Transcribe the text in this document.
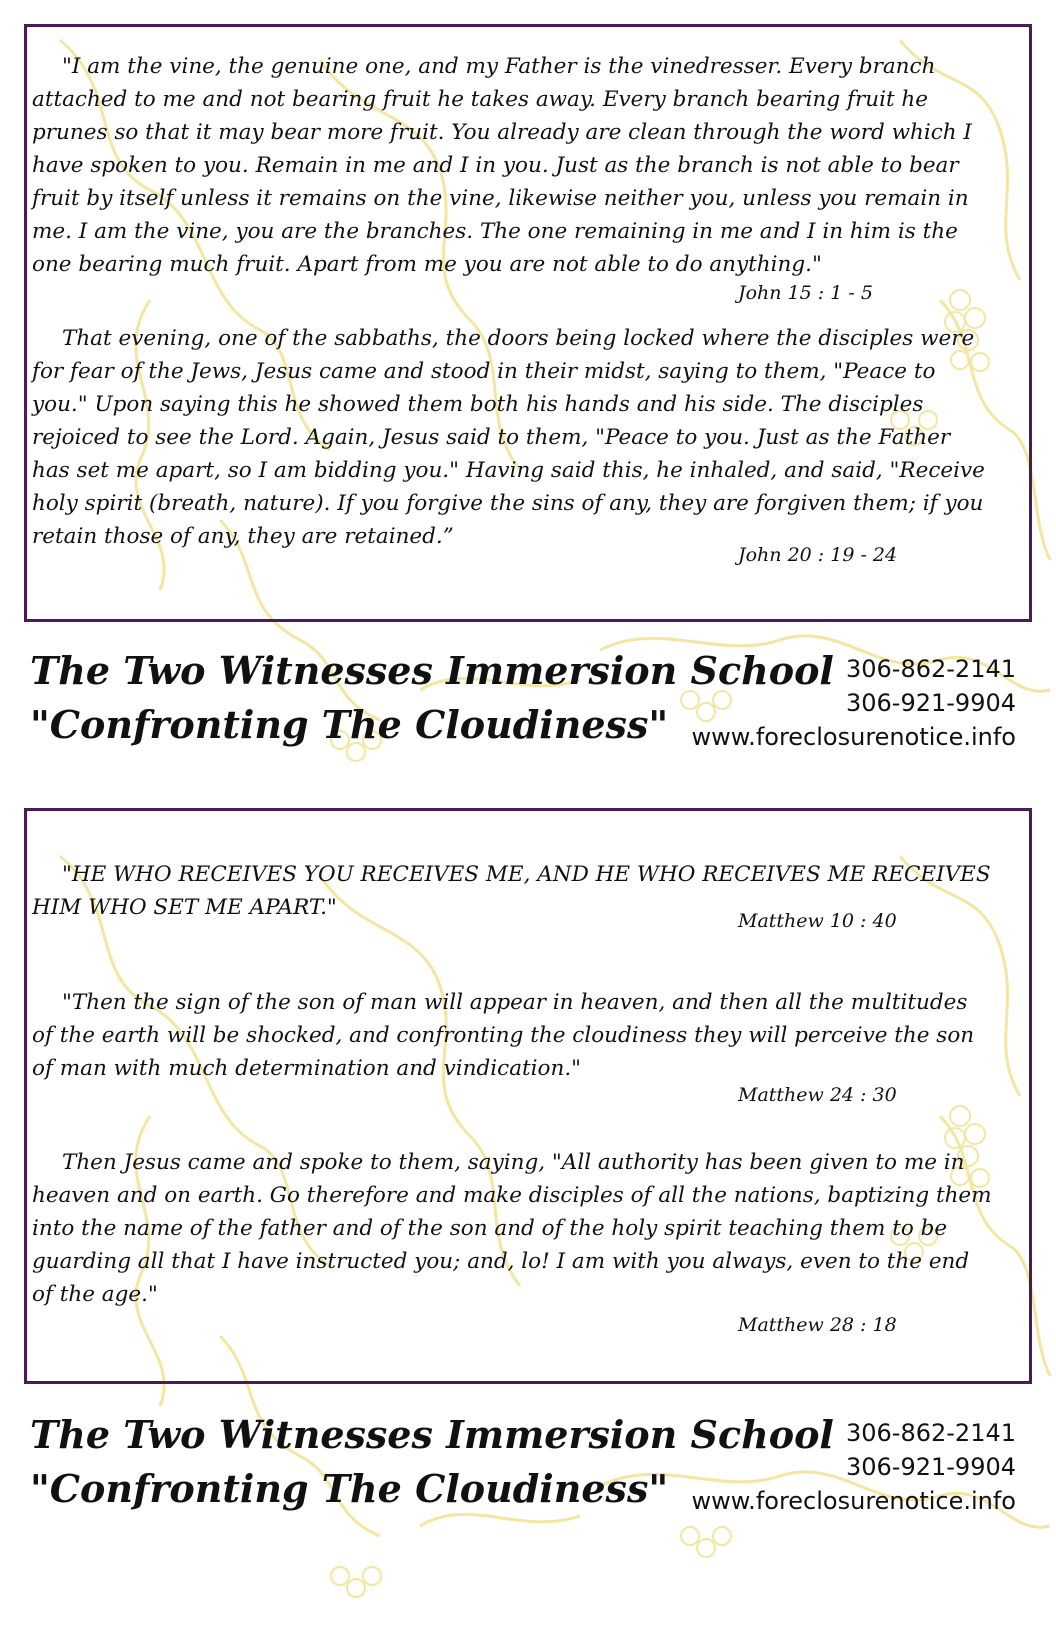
"I am the vine, the genuine one, and my Father is the vinedresser. Every branch attached to me and not bearing fruit he takes away. Every branch bearing fruit he prunes so that it may bear more fruit. You already are clean through the word which I have spoken to you. Remain in me and I in you. Just as the branch is not able to bear fruit by itself unless it remains on the vine, likewise neither you, unless you remain in me. I am the vine, you are the branches. The one remaining in me and I in him is the one bearing much fruit. Apart from me you are not able to do anything."

John 15 : 1 - 5

That evening, one of the sabbaths, the doors being locked where the disciples were for fear of the Jews, Jesus came and stood in their midst, saying to them, "Peace to you." Upon saying this he showed them both his hands and his side. The disciples rejoiced to see the Lord. Again, Jesus said to them, "Peace to you. Just as the Father has set me apart, so I am bidding you." Having said this, he inhaled, and said, "Receive holy spirit (breath, nature). If you forgive the sins of any, they are forgiven them; if you retain those of any, they are retained.”

John 20 : 19 - 24

The Two Witnesses Immersion School

"Confronting The Cloudiness"

306-862-2141
306-921-9904
www.foreclosurenotice.info

"HE WHO RECEIVES YOU RECEIVES ME, AND HE WHO RECEIVES ME RECEIVES HIM WHO SET ME APART."

Matthew 10 : 40

"Then the sign of the son of man will appear in heaven, and then all the multitudes of the earth will be shocked, and confronting the cloudiness they will perceive the son of man with much determination and vindication."

Matthew 24 : 30

Then Jesus came and spoke to them, saying, "All authority has been given to me in heaven and on earth. Go therefore and make disciples of all the nations, baptizing them into the name of the father and of the son and of the holy spirit teaching them to be guarding all that I have instructed you; and, lo! I am with you always, even to the end of the age."

Matthew 28 : 18

The Two Witnesses Immersion School

"Confronting The Cloudiness"

306-862-2141
306-921-9904
www.foreclosurenotice.info
